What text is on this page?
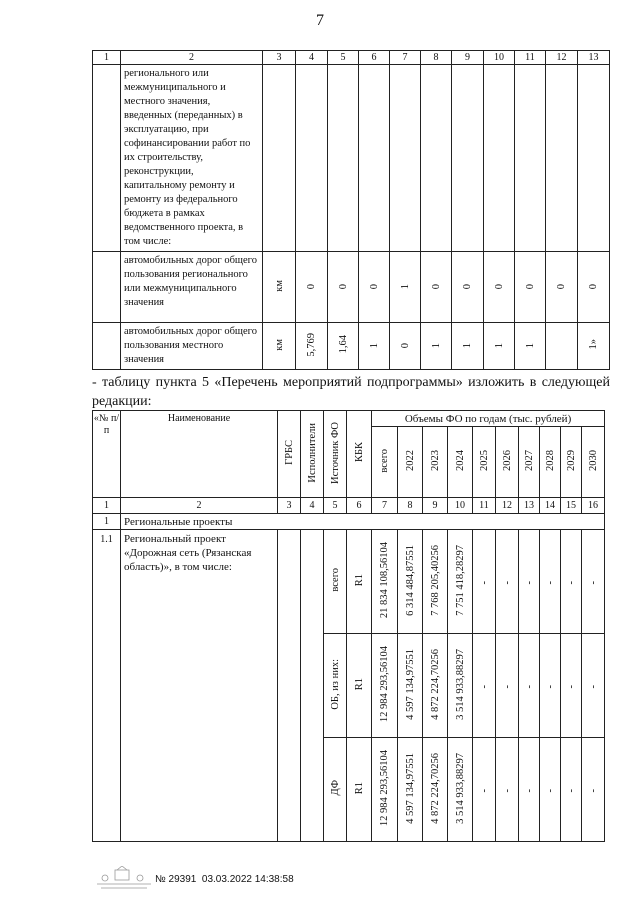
7
1	2	3	4	5	6	7	8	9	10	11	12	13
	регионального или межмуниципального и местного значения, введенных (переданных) в эксплуатацию, при софинансировании работ по их строительству, реконструкции, капитальному ремонту и ремонту из федерального бюджета в рамках ведомственного проекта, в том числе:											
	автомобильных дорог общего пользования регионального или межмуниципального значения	км	0	0	0	1	0	0	0	0	0	0
	автомобильных дорог общего пользования местного значения	км	5,769	1,64	1	0	1	1	1	1		1»
- таблицу пункта 5 «Перечень мероприятий подпрограммы» изложить в следующей редакции:
«№ п/п	Наименование	ГРБС	Исполнители	Источник ФО	КБК	Объемы ФО по годам (тыс. рублей)									
						всего	2022	2023	2024	2025	2026	2027	2028	2029	2030
1	2	3	4	5	6	7	8	9	10	11	12	13	14	15	16
1	Региональные проекты														
1.1	Региональный проект «Дорожная сеть (Рязанская область)», в том числе:			всего	R1	21 834 108,56104	6 314 484,87551	7 768 205,40256	7 751 418,28297	-	-	-	-	-	-
				ОБ, из них:	R1	12 984 293,56104	4 597 134,97551	4 872 224,70256	3 514 933,88297	-	-	-	-	-	-
				ДФ	R1	12 984 293,56104	4 597 134,97551	4 872 224,70256	3 514 933,88297	-	-	-	-	-	-
№ 29391 03.03.2022 14:38:58
